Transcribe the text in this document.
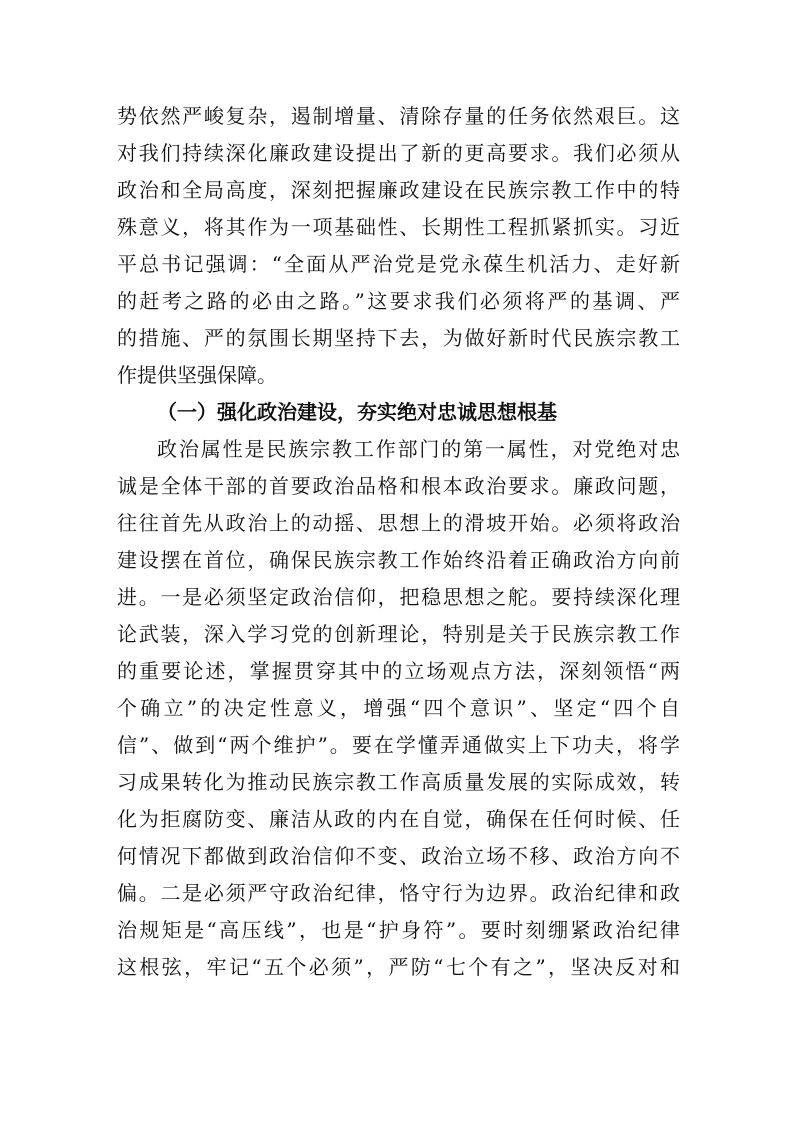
势依然严峻复杂，遏制增量、清除存量的任务依然艰巨。这
对我们持续深化廉政建设提出了新的更高要求。我们必须从
政治和全局高度，深刻把握廉政建设在民族宗教工作中的特
殊意义，将其作为一项基础性、长期性工程抓紧抓实。习近
平总书记强调：“全面从严治党是党永葆生机活力、走好新
的赶考之路的必由之路。”这要求我们必须将严的基调、严
的措施、严的氛围长期坚持下去，为做好新时代民族宗教工
作提供坚强保障。
（一）强化政治建设，夯实绝对忠诚思想根基
政治属性是民族宗教工作部门的第一属性，对党绝对忠
诚是全体干部的首要政治品格和根本政治要求。廉政问题，
往往首先从政治上的动摇、思想上的滑坡开始。必须将政治
建设摆在首位，确保民族宗教工作始终沿着正确政治方向前
进。一是必须坚定政治信仰，把稳思想之舵。要持续深化理
论武装，深入学习党的创新理论，特别是关于民族宗教工作
的重要论述，掌握贯穿其中的立场观点方法，深刻领悟“两
个确立”的决定性意义，增强“四个意识”、坚定“四个自
信”、做到“两个维护”。要在学懂弄通做实上下功夫，将学
习成果转化为推动民族宗教工作高质量发展的实际成效，转
化为拒腐防变、廉洁从政的内在自觉，确保在任何时候、任
何情况下都做到政治信仰不变、政治立场不移、政治方向不
偏。二是必须严守政治纪律，恪守行为边界。政治纪律和政
治规矩是“高压线”，也是“护身符”。要时刻绷紧政治纪律
这根弦，牢记“五个必须”，严防“七个有之”，坚决反对和
